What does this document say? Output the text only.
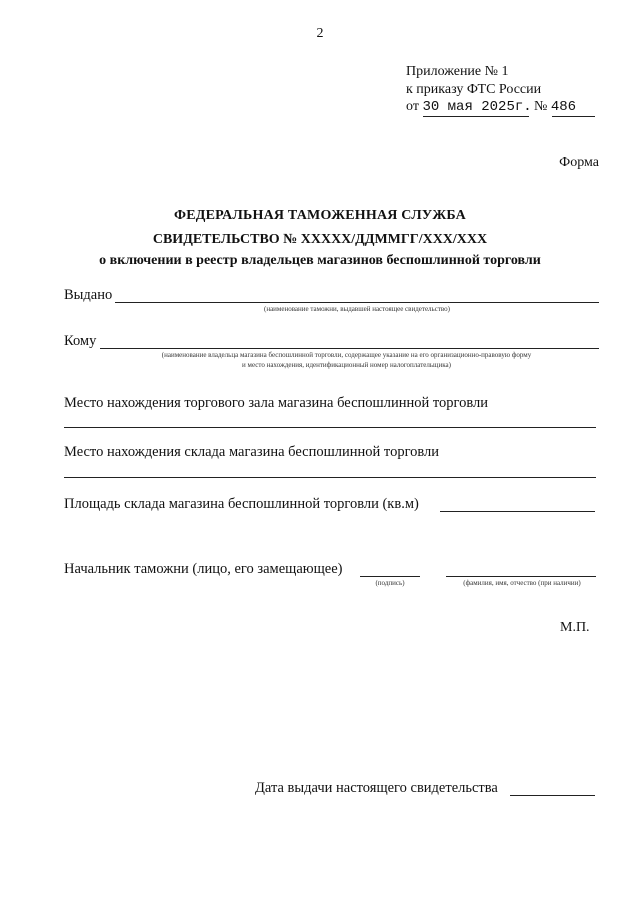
2
Приложение № 1
к приказу ФТС России
от 30 мая 2025г. № 486
Форма
ФЕДЕРАЛЬНАЯ ТАМОЖЕННАЯ СЛУЖБА
СВИДЕТЕЛЬСТВО № ХХХХХ/ДДММГГ/ХХХ/ХХХ
о включении в реестр владельцев магазинов беспошлинной торговли
Выдано
(наименование таможни, выдавшей настоящее свидетельство)
Кому
(наименование владельца магазина беспошлинной торговли, содержащее указание на его организационно-правовую форму
и место нахождения, идентификационный номер налогоплательщика)
Место нахождения торгового зала магазина беспошлинной торговли
Место нахождения склада магазина беспошлинной торговли
Площадь склада магазина беспошлинной торговли (кв.м)
Начальник таможни (лицо, его замещающее)
(подпись)	(фамилия, имя, отчество (при наличии)
М.П.
Дата выдачи настоящего свидетельства
